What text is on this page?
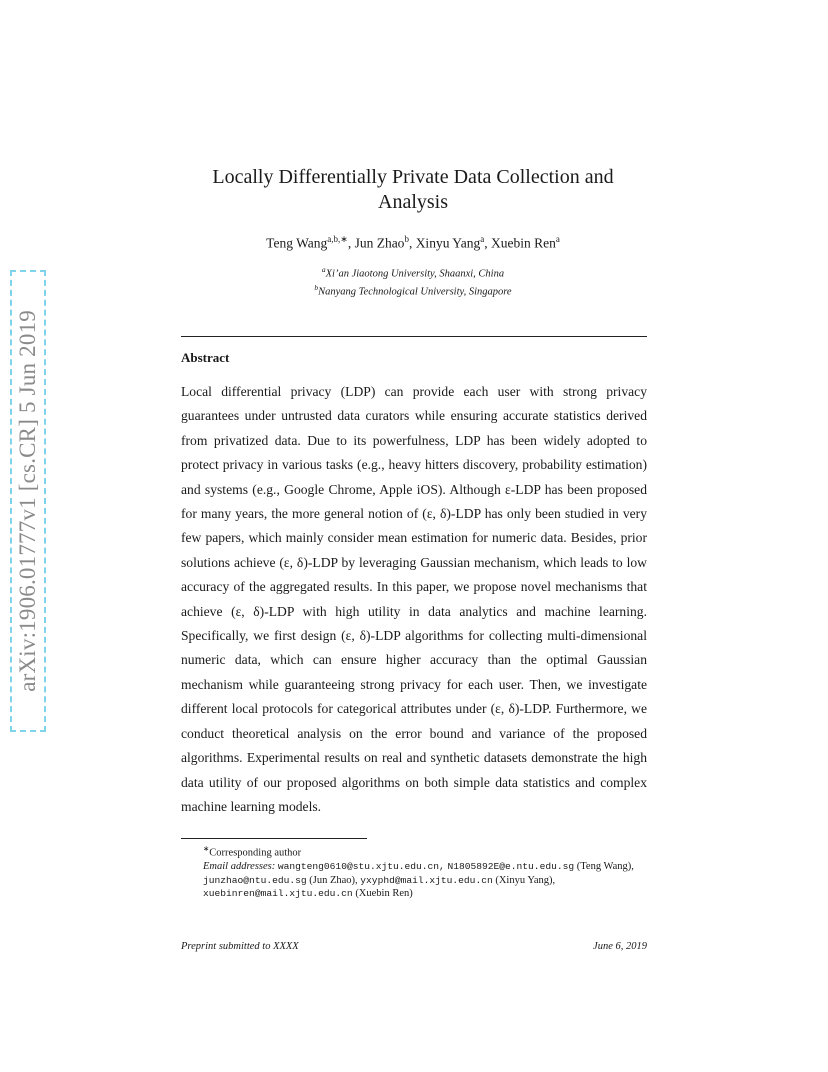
arXiv:1906.01777v1 [cs.CR] 5 Jun 2019
Locally Differentially Private Data Collection and
Analysis
Teng Wang$^{a,b,∗}$, Jun Zhao$^b$, Xinyu Yang$^a$, Xuebin Ren$^a$
$^a$Xi’an Jiaotong University, Shaanxi, China
$^b$Nanyang Technological University, Singapore
Abstract
Local differential privacy (LDP) can provide each user with strong privacy guarantees under untrusted data curators while ensuring accurate statistics derived from privatized data. Due to its powerfulness, LDP has been widely adopted to protect privacy in various tasks (e.g., heavy hitters discovery, probability estimation) and systems (e.g., Google Chrome, Apple iOS). Although ε-LDP has been proposed for many years, the more general notion of (ε, δ)-LDP has only been studied in very few papers, which mainly consider mean estimation for numeric data. Besides, prior solutions achieve (ε, δ)-LDP by leveraging Gaussian mechanism, which leads to low accuracy of the aggregated results. In this paper, we propose novel mechanisms that achieve (ε, δ)-LDP with high utility in data analytics and machine learning. Specifically, we first design (ε, δ)-LDP algorithms for collecting multi-dimensional numeric data, which can ensure higher accuracy than the optimal Gaussian mechanism while guaranteeing strong privacy for each user. Then, we investigate different local protocols for categorical attributes under (ε, δ)-LDP. Furthermore, we conduct theoretical analysis on the error bound and variance of the proposed algorithms. Experimental results on real and synthetic datasets demonstrate the high data utility of our proposed algorithms on both simple data statistics and complex machine learning models.
∗Corresponding author
Email addresses: wangteng0610@stu.xjtu.edu.cn, N1805892E@e.ntu.edu.sg (Teng Wang), junzhao@ntu.edu.sg (Jun Zhao), yxyphd@mail.xjtu.edu.cn (Xinyu Yang), xuebinren@mail.xjtu.edu.cn (Xuebin Ren)
Preprint submitted to XXXX	June 6, 2019
